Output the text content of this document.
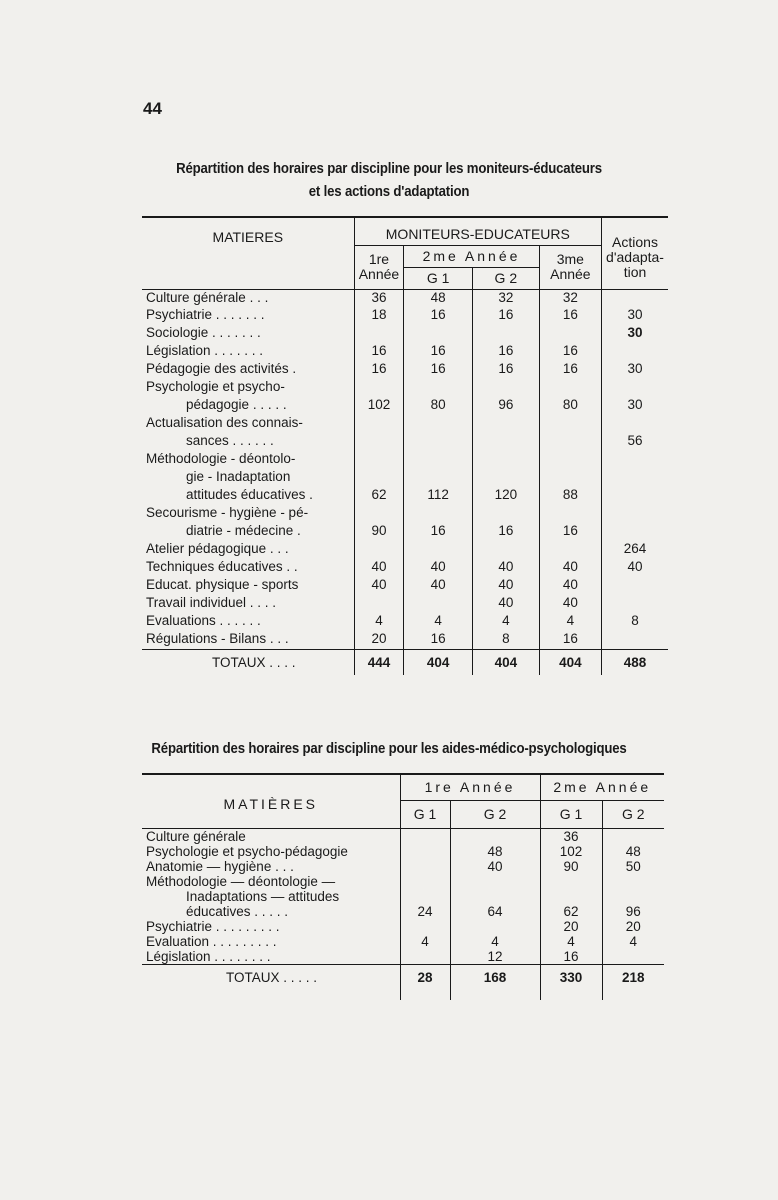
44
Répartition des horaires par discipline pour les moniteurs-éducateurs
et les actions d'adaptation
MATIERES	MONITEURS-EDUCATEURS				Actions d'adapta-tion
	1re Année	2me Année		3me Année	
		G 1	G 2		
Culture générale . . .	36	48	32	32	
Psychiatrie . . . . . . .	18	16	16	16	30
Sociologie . . . . . . .					30
Législation . . . . . . .	16	16	16	16	
Pédagogie des activités .	16	16	16	16	30
Psychologie et psycho-					
pédagogie . . . . .	102	80	96	80	30
Actualisation des connais-					
sances . . . . . .					56
Méthodologie - déontolo-					
gie - Inadaptation					
attitudes éducatives .	62	112	120	88	
Secourisme - hygiène - pé-					
diatrie - médecine .	90	16	16	16	
Atelier pédagogique . . .					264
Techniques éducatives . .	40	40	40	40	40
Educat. physique - sports	40	40	40	40	
Travail individuel . . . .			40	40	
Evaluations . . . . . .	4	4	4	4	8
Régulations - Bilans . . .	20	16	8	16	
TOTAUX . . . .	444	404	404	404	488
Répartition des horaires par discipline pour les aides-médico-psychologiques
MATIÈRES	1re Année		2me Année	
	G 1	G 2	G 1	G 2
Culture générale			36	
Psychologie et psycho-pédagogie		48	102	48
Anatomie — hygiène . . .		40	90	50
Méthodologie — déontologie —				
Inadaptations — attitudes				
éducatives . . . . .	24	64	62	96
Psychiatrie . . . . . . . . .			20	20
Evaluation . . . . . . . . .	4	4	4	4
Législation . . . . . . . .		12	16	
TOTAUX . . . . .	28	168	330	218
